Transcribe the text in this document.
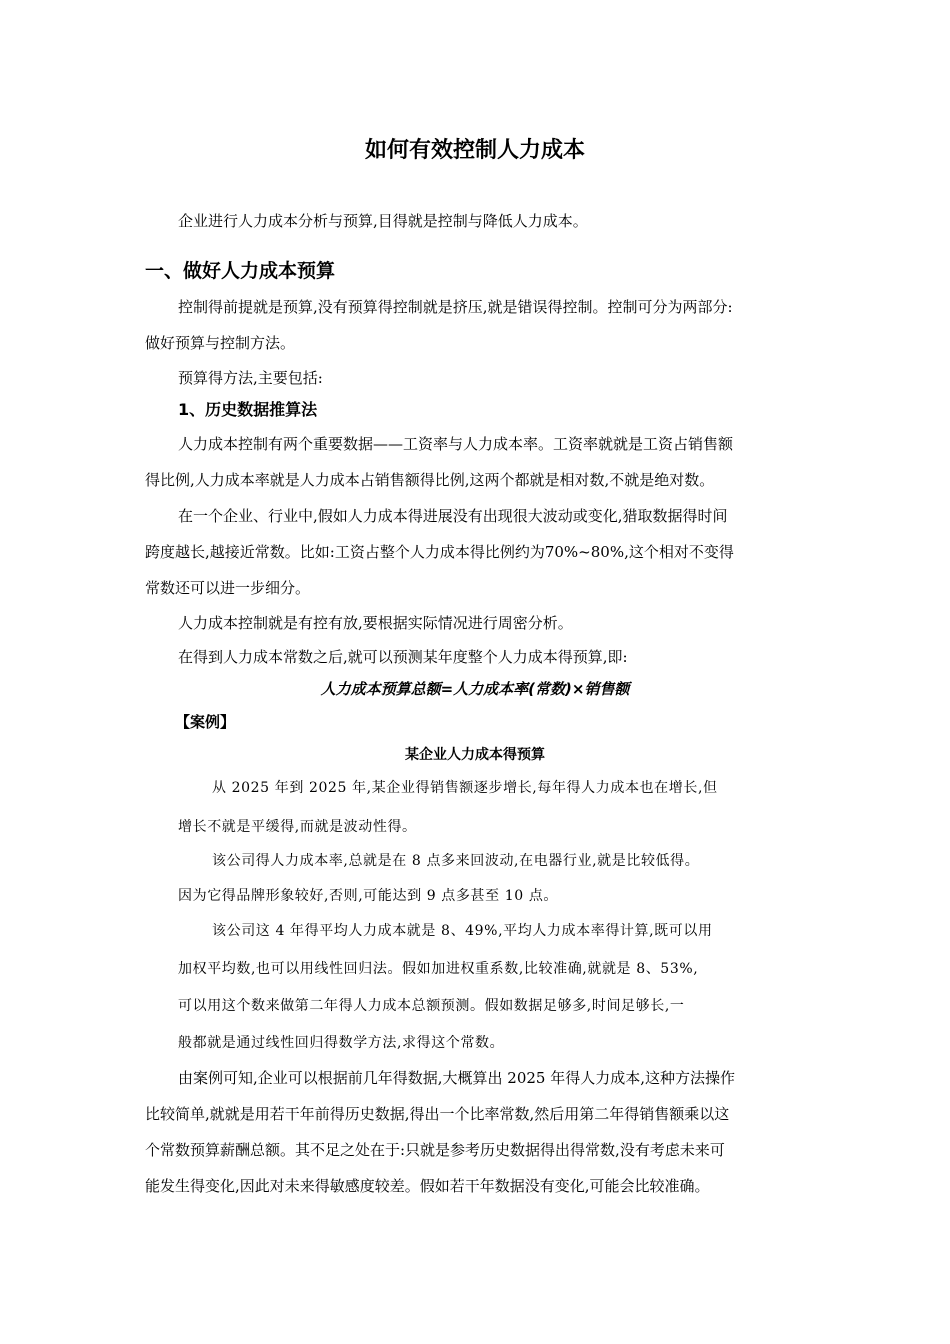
如何有效控制人力成本
企业进行人力成本分析与预算,目得就是控制与降低人力成本。
一、做好人力成本预算
控制得前提就是预算,没有预算得控制就是挤压,就是错误得控制。控制可分为两部分:
做好预算与控制方法。
预算得方法,主要包括:
1、历史数据推算法
人力成本控制有两个重要数据——工资率与人力成本率。工资率就就是工资占销售额
得比例,人力成本率就是人力成本占销售额得比例,这两个都就是相对数,不就是绝对数。
在一个企业、行业中,假如人力成本得进展没有出现很大波动或变化,猎取数据得时间
跨度越长,越接近常数。比如:工资占整个人力成本得比例约为70%~80%,这个相对不变得
常数还可以进一步细分。
人力成本控制就是有控有放,要根据实际情况进行周密分析。
在得到人力成本常数之后,就可以预测某年度整个人力成本得预算,即:
人力成本预算总额=人力成本率(常数)×销售额
【案例】
某企业人力成本得预算
从 2025 年到 2025 年,某企业得销售额逐步增长,每年得人力成本也在增长,但
增长不就是平缓得,而就是波动性得。
该公司得人力成本率,总就是在 8 点多来回波动,在电器行业,就是比较低得。
因为它得品牌形象较好,否则,可能达到 9 点多甚至 10 点。
该公司这 4 年得平均人力成本就是 8、49%,平均人力成本率得计算,既可以用
加权平均数,也可以用线性回归法。假如加进权重系数,比较准确,就就是 8、53%,
可以用这个数来做第二年得人力成本总额预测。假如数据足够多,时间足够长,一
般都就是通过线性回归得数学方法,求得这个常数。
由案例可知,企业可以根据前几年得数据,大概算出 2025 年得人力成本,这种方法操作
比较简单,就就是用若干年前得历史数据,得出一个比率常数,然后用第二年得销售额乘以这
个常数预算薪酬总额。其不足之处在于:只就是参考历史数据得出得常数,没有考虑未来可
能发生得变化,因此对未来得敏感度较差。假如若干年数据没有变化,可能会比较准确。
